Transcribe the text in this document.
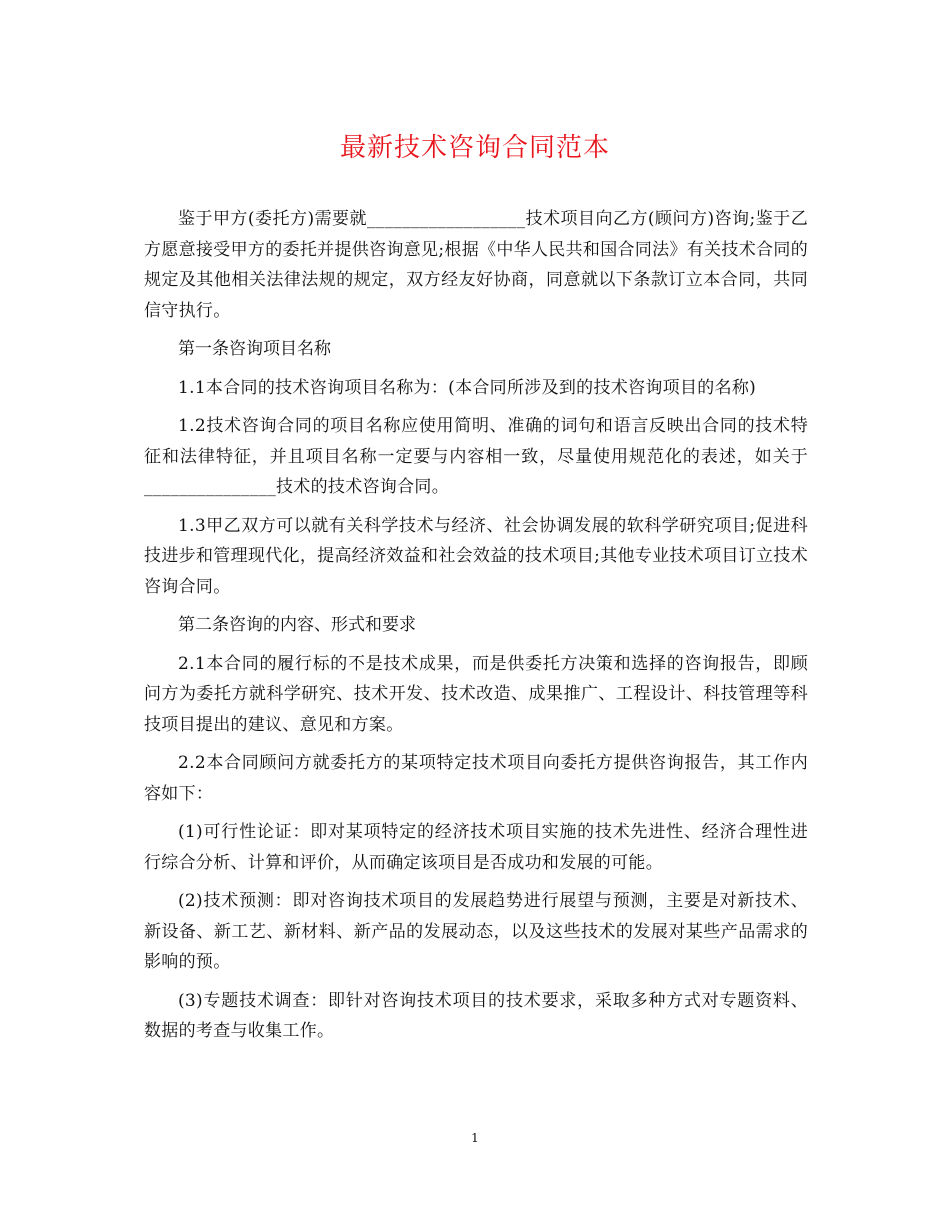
最新技术咨询合同范本

鉴于甲方(委托方)需要就__________________技术项目向乙方(顾问方)咨询;鉴于乙方愿意接受甲方的委托并提供咨询意见;根据《中华人民共和国合同法》有关技术合同的规定及其他相关法律法规的规定，双方经友好协商，同意就以下条款订立本合同，共同信守执行。

第一条咨询项目名称

1.1本合同的技术咨询项目名称为：(本合同所涉及到的技术咨询项目的名称)

1.2技术咨询合同的项目名称应使用简明、准确的词句和语言反映出合同的技术特征和法律特征，并且项目名称一定要与内容相一致，尽量使用规范化的表述，如关于_______________技术的技术咨询合同。

1.3甲乙双方可以就有关科学技术与经济、社会协调发展的软科学研究项目;促进科技进步和管理现代化，提高经济效益和社会效益的技术项目;其他专业技术项目订立技术咨询合同。

第二条咨询的内容、形式和要求

2.1本合同的履行标的不是技术成果，而是供委托方决策和选择的咨询报告，即顾问方为委托方就科学研究、技术开发、技术改造、成果推广、工程设计、科技管理等科技项目提出的建议、意见和方案。

2.2本合同顾问方就委托方的某项特定技术项目向委托方提供咨询报告，其工作内容如下：

(1)可行性论证：即对某项特定的经济技术项目实施的技术先进性、经济合理性进行综合分析、计算和评价，从而确定该项目是否成功和发展的可能。

(2)技术预测：即对咨询技术项目的发展趋势进行展望与预测，主要是对新技术、新设备、新工艺、新材料、新产品的发展动态，以及这些技术的发展对某些产品需求的影响的预。

(3)专题技术调查：即针对咨询技术项目的技术要求，采取多种方式对专题资料、数据的考查与收集工作。

1
